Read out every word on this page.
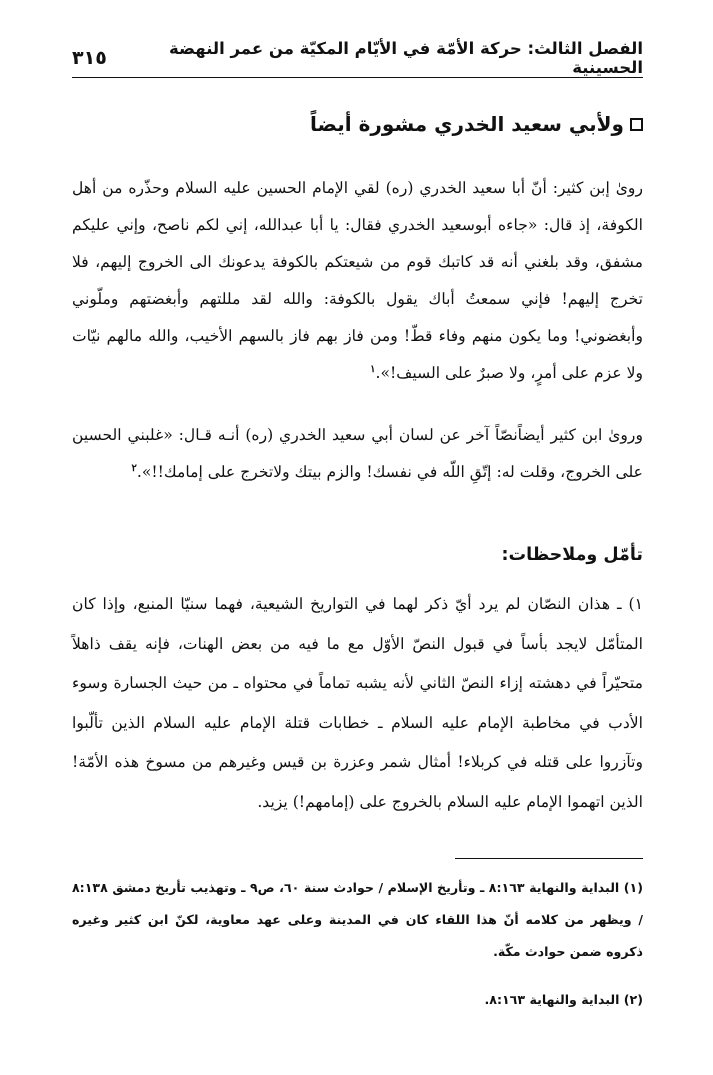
الفصل الثالث: حركة الأمّة في الأيّام المكيّة من عمر النهضة الحسينية
٣١٥
ولأبي سعيد الخدري مشورة أيضاً
روىٰ إبن كثير: أنّ أبا سعيد الخدري (ره) لقي الإمام الحسين عليه السلام وحذّره من أهل الكوفة، إذ قال: «جاءه أبوسعيد الخدري فقال: يا أبا عبدالله، إني لكم ناصح، وإني عليكم مشفق، وقد بلغني أنه قد كاتبك قوم من شيعتكم بالكوفة يدعونك الى الخروج إليهم، فلا تخرج إليهم! فإني سمعتُ أباك يقول بالكوفة: والله لقد مللتهم وأبغضتهم وملّوني وأبغضوني! وما يكون منهم وفاء قطّ! ومن فاز بهم فاز بالسهم الأخيب، والله مالهم نيّات ولا عزم على أمرٍ، ولا صبرٌ على السيف!».$^١$
وروىٰ ابن كثير أيضاًنصّاً آخر عن لسان أبي سعيد الخدري (ره) أنـه قـال: «غلبني الحسين على الخروج، وقلت له: إتّقِ اللّه في نفسك! والزم بيتك ولاتخرج على إمامك!!».$^٢$
تأمّل وملاحظات:
١) ـ هذان النصّان لم يرد أيّ ذكر لهما في التواريخ الشيعية، فهما سنيّا المنبع، وإذا كان المتأمّل لايجد بأساً في قبول النصّ الأوّل مع ما فيه من بعض الهنات، فإنه يقف ذاهلاً متحيّراً في دهشته إزاء النصّ الثاني لأنه يشبه تماماً في محتواه ـ من حيث الجسارة وسوء الأدب في مخاطبة الإمام عليه السلام ـ خطابات قتلة الإمام عليه السلام الذين تألّبوا وتآزروا على قتله في كربلاء! أمثال شمر وعزرة بن قيس وغيرهم من مسوخ هذه الأمّة! الذين اتهموا الإمام عليه السلام بالخروج على (إمامهم!) يزيد.
(١) البداية والنهاية ٨:١٦٣ ـ وتأريخ الإسلام / حوادث سنة ٦٠، ص٩ ـ وتهذيب تأريخ دمشق ٨:١٣٨ / ويظهر من كلامه أنّ هذا اللقاء كان في المدينة وعلى عهد معاوية، لكنّ ابن كثير وغيره ذكروه ضمن حوادث مكّة.
(٢) البداية والنهاية ٨:١٦٣.
